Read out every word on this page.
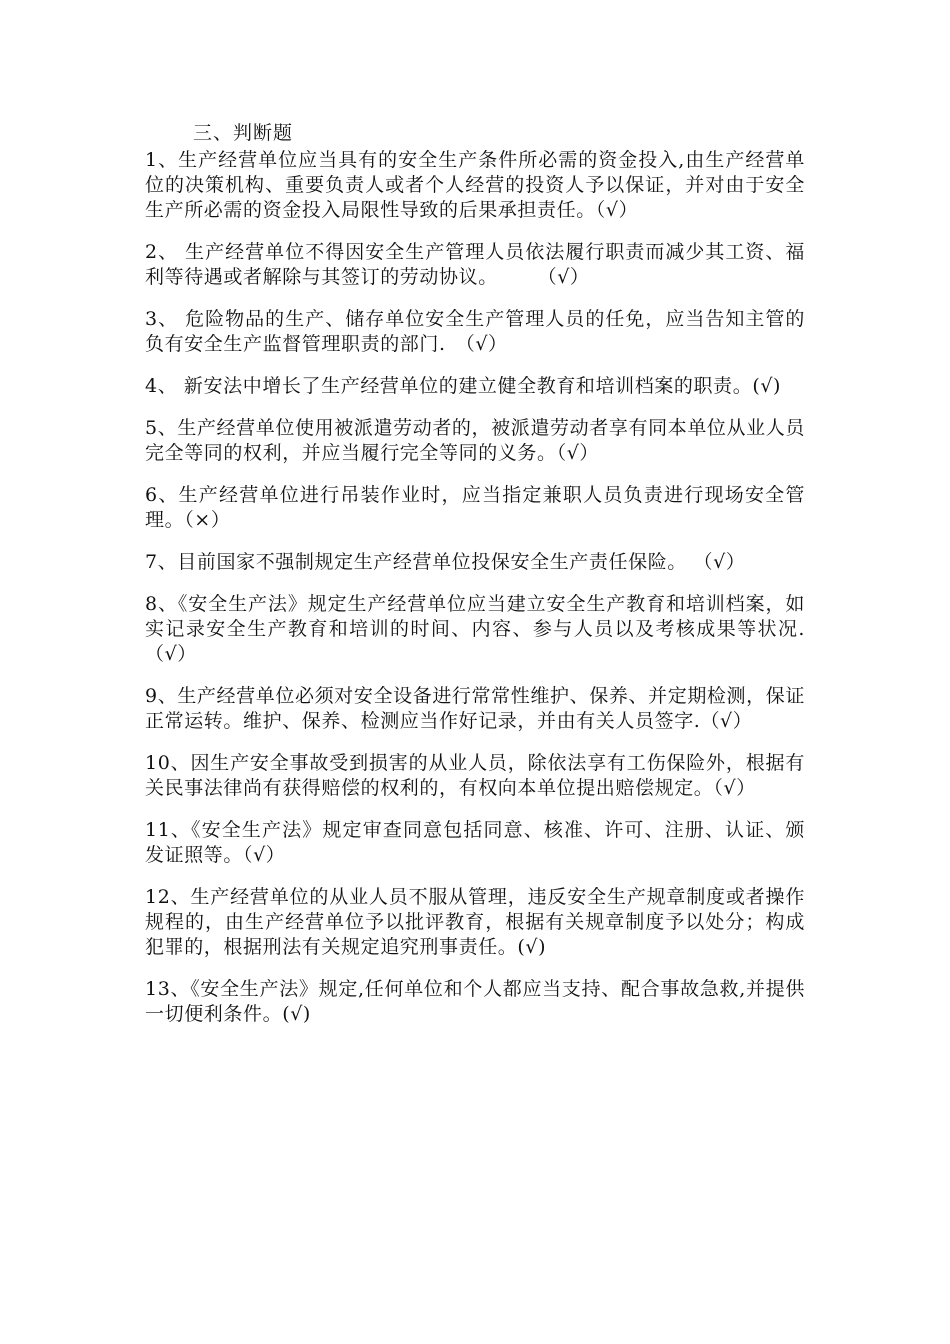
三、判断题

1、生产经营单位应当具有的安全生产条件所必需的资金投入,由生产经营单位的决策机构、重要负责人或者个人经营的投资人予以保证，并对由于安全生产所必需的资金投入局限性导致的后果承担责任。（√）

2、 生产经营单位不得因安全生产管理人员依法履行职责而减少其工资、福利等待遇或者解除与其签订的劳动协议。　　　（√）

3、 危险物品的生产、储存单位安全生产管理人员的任免，应当告知主管的负有安全生产监督管理职责的部门.　（√）

4、 新安法中增长了生产经营单位的建立健全教育和培训档案的职责。(√)

5、生产经营单位使用被派遣劳动者的，被派遣劳动者享有同本单位从业人员完全等同的权利，并应当履行完全等同的义务。（√）

6、生产经营单位进行吊装作业时，应当指定兼职人员负责进行现场安全管理。（×）

7、目前国家不强制规定生产经营单位投保安全生产责任保险。 （√）

8、《安全生产法》规定生产经营单位应当建立安全生产教育和培训档案，如实记录安全生产教育和培训的时间、内容、参与人员以及考核成果等状况.（√）

9、生产经营单位必须对安全设备进行常常性维护、保养、并定期检测，保证正常运转。维护、保养、检测应当作好记录，并由有关人员签字.（√）

10、因生产安全事故受到损害的从业人员，除依法享有工伤保险外，根据有关民事法律尚有获得赔偿的权利的，有权向本单位提出赔偿规定。（√）

11、《安全生产法》规定审查同意包括同意、核准、许可、注册、认证、颁发证照等。（√）

12、生产经营单位的从业人员不服从管理，违反安全生产规章制度或者操作规程的，由生产经营单位予以批评教育，根据有关规章制度予以处分；构成犯罪的，根据刑法有关规定追究刑事责任。(√)

13、《安全生产法》规定,任何单位和个人都应当支持、配合事故急救,并提供一切便利条件。(√)
